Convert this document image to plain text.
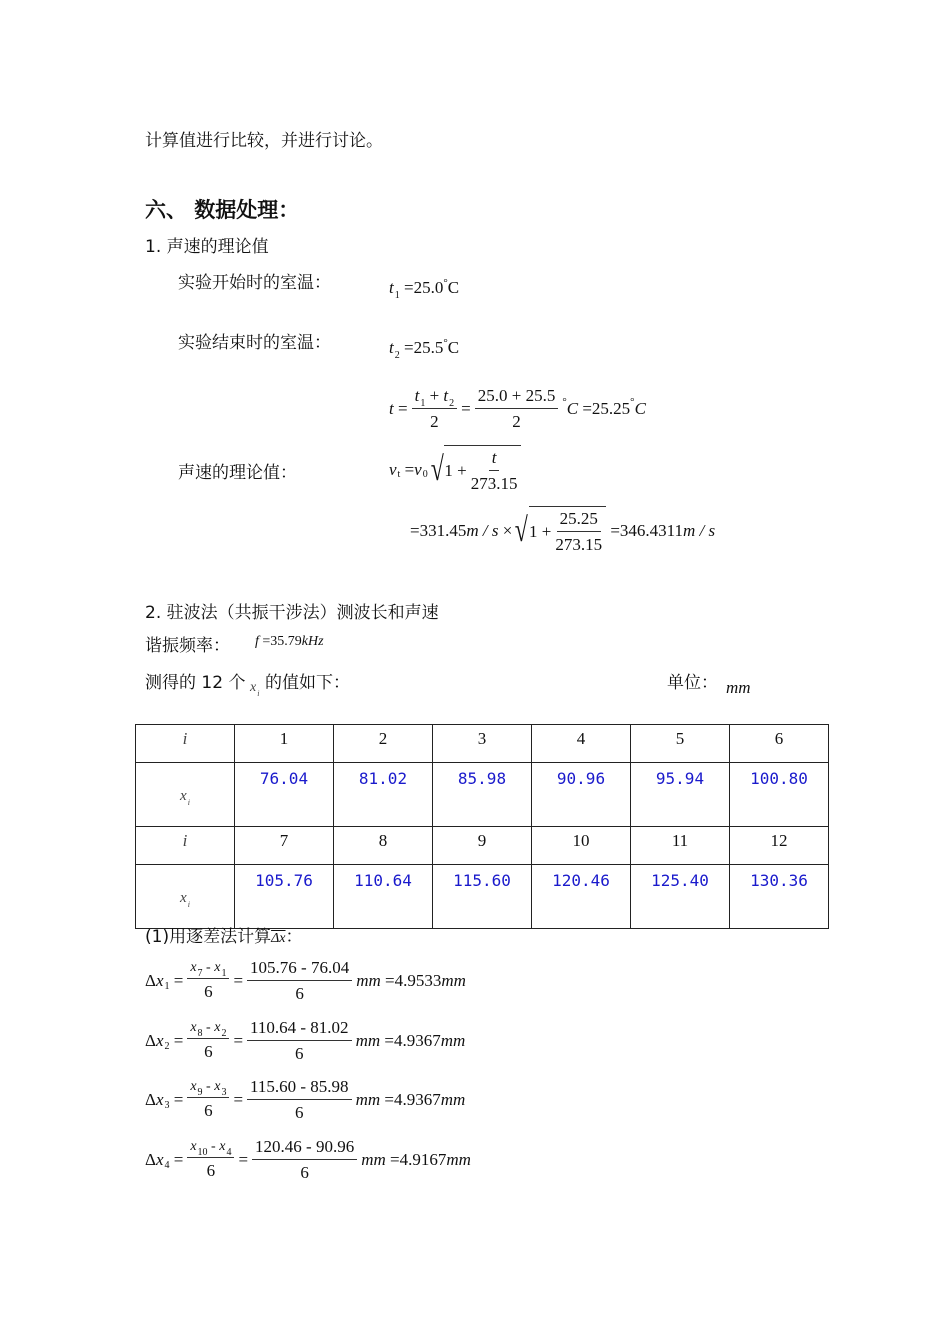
计算值进行比较，并进行讨论。
六、 数据处理：
1. 声速的理论值
实验开始时的室温：	$t_1 =25.0^\circ C$
实验结束时的室温：	$t_2 =25.5^\circ C$
$t = \frac{t_1 + t_2}{2} = \frac{25.0 + 25.5}{2}$ ° C
=25.25 ° C
声速的理论值：	v t = v 0 √ $1 + \frac{t}{273.15}$
=331.45 m / s × √ $1 + \frac{25.25}{273.15}$
=346.4311 m / s
2. 驻波法（共振干涉法）测波长和声速
谐振频率： f =35.79kHz
测得的 12 个 $x_i$
的值如下：	单位： mm
i	1	2	3	4	5	6
$x_i$	76.04	81.02	85.98	90.96	95.94	100.80
i	7	8	9	10	11	12
$x_i$	105.76	110.64	115.60	120.46	125.40	130.36
(1)用逐差法计算$\overline{\Delta x}$：
Δ x $1 = \frac{x_7 - x_1}{6} = \frac{105.76 - 76.04}{6}$ mm
=4.9533 mm
Δ x $2 = \frac{x_8 - x_2}{6} = \frac{110.64 - 81.02}{6}$ mm
=4.9367 mm
Δ x $3 = \frac{x_9 - x_3}{6} = \frac{115.60 - 85.98}{6}$ mm
=4.9367 mm
Δ x $4 = \frac{x_{10} - x_4}{6} = \frac{120.46 - 90.96}{6}$ mm
=4.9167 mm
